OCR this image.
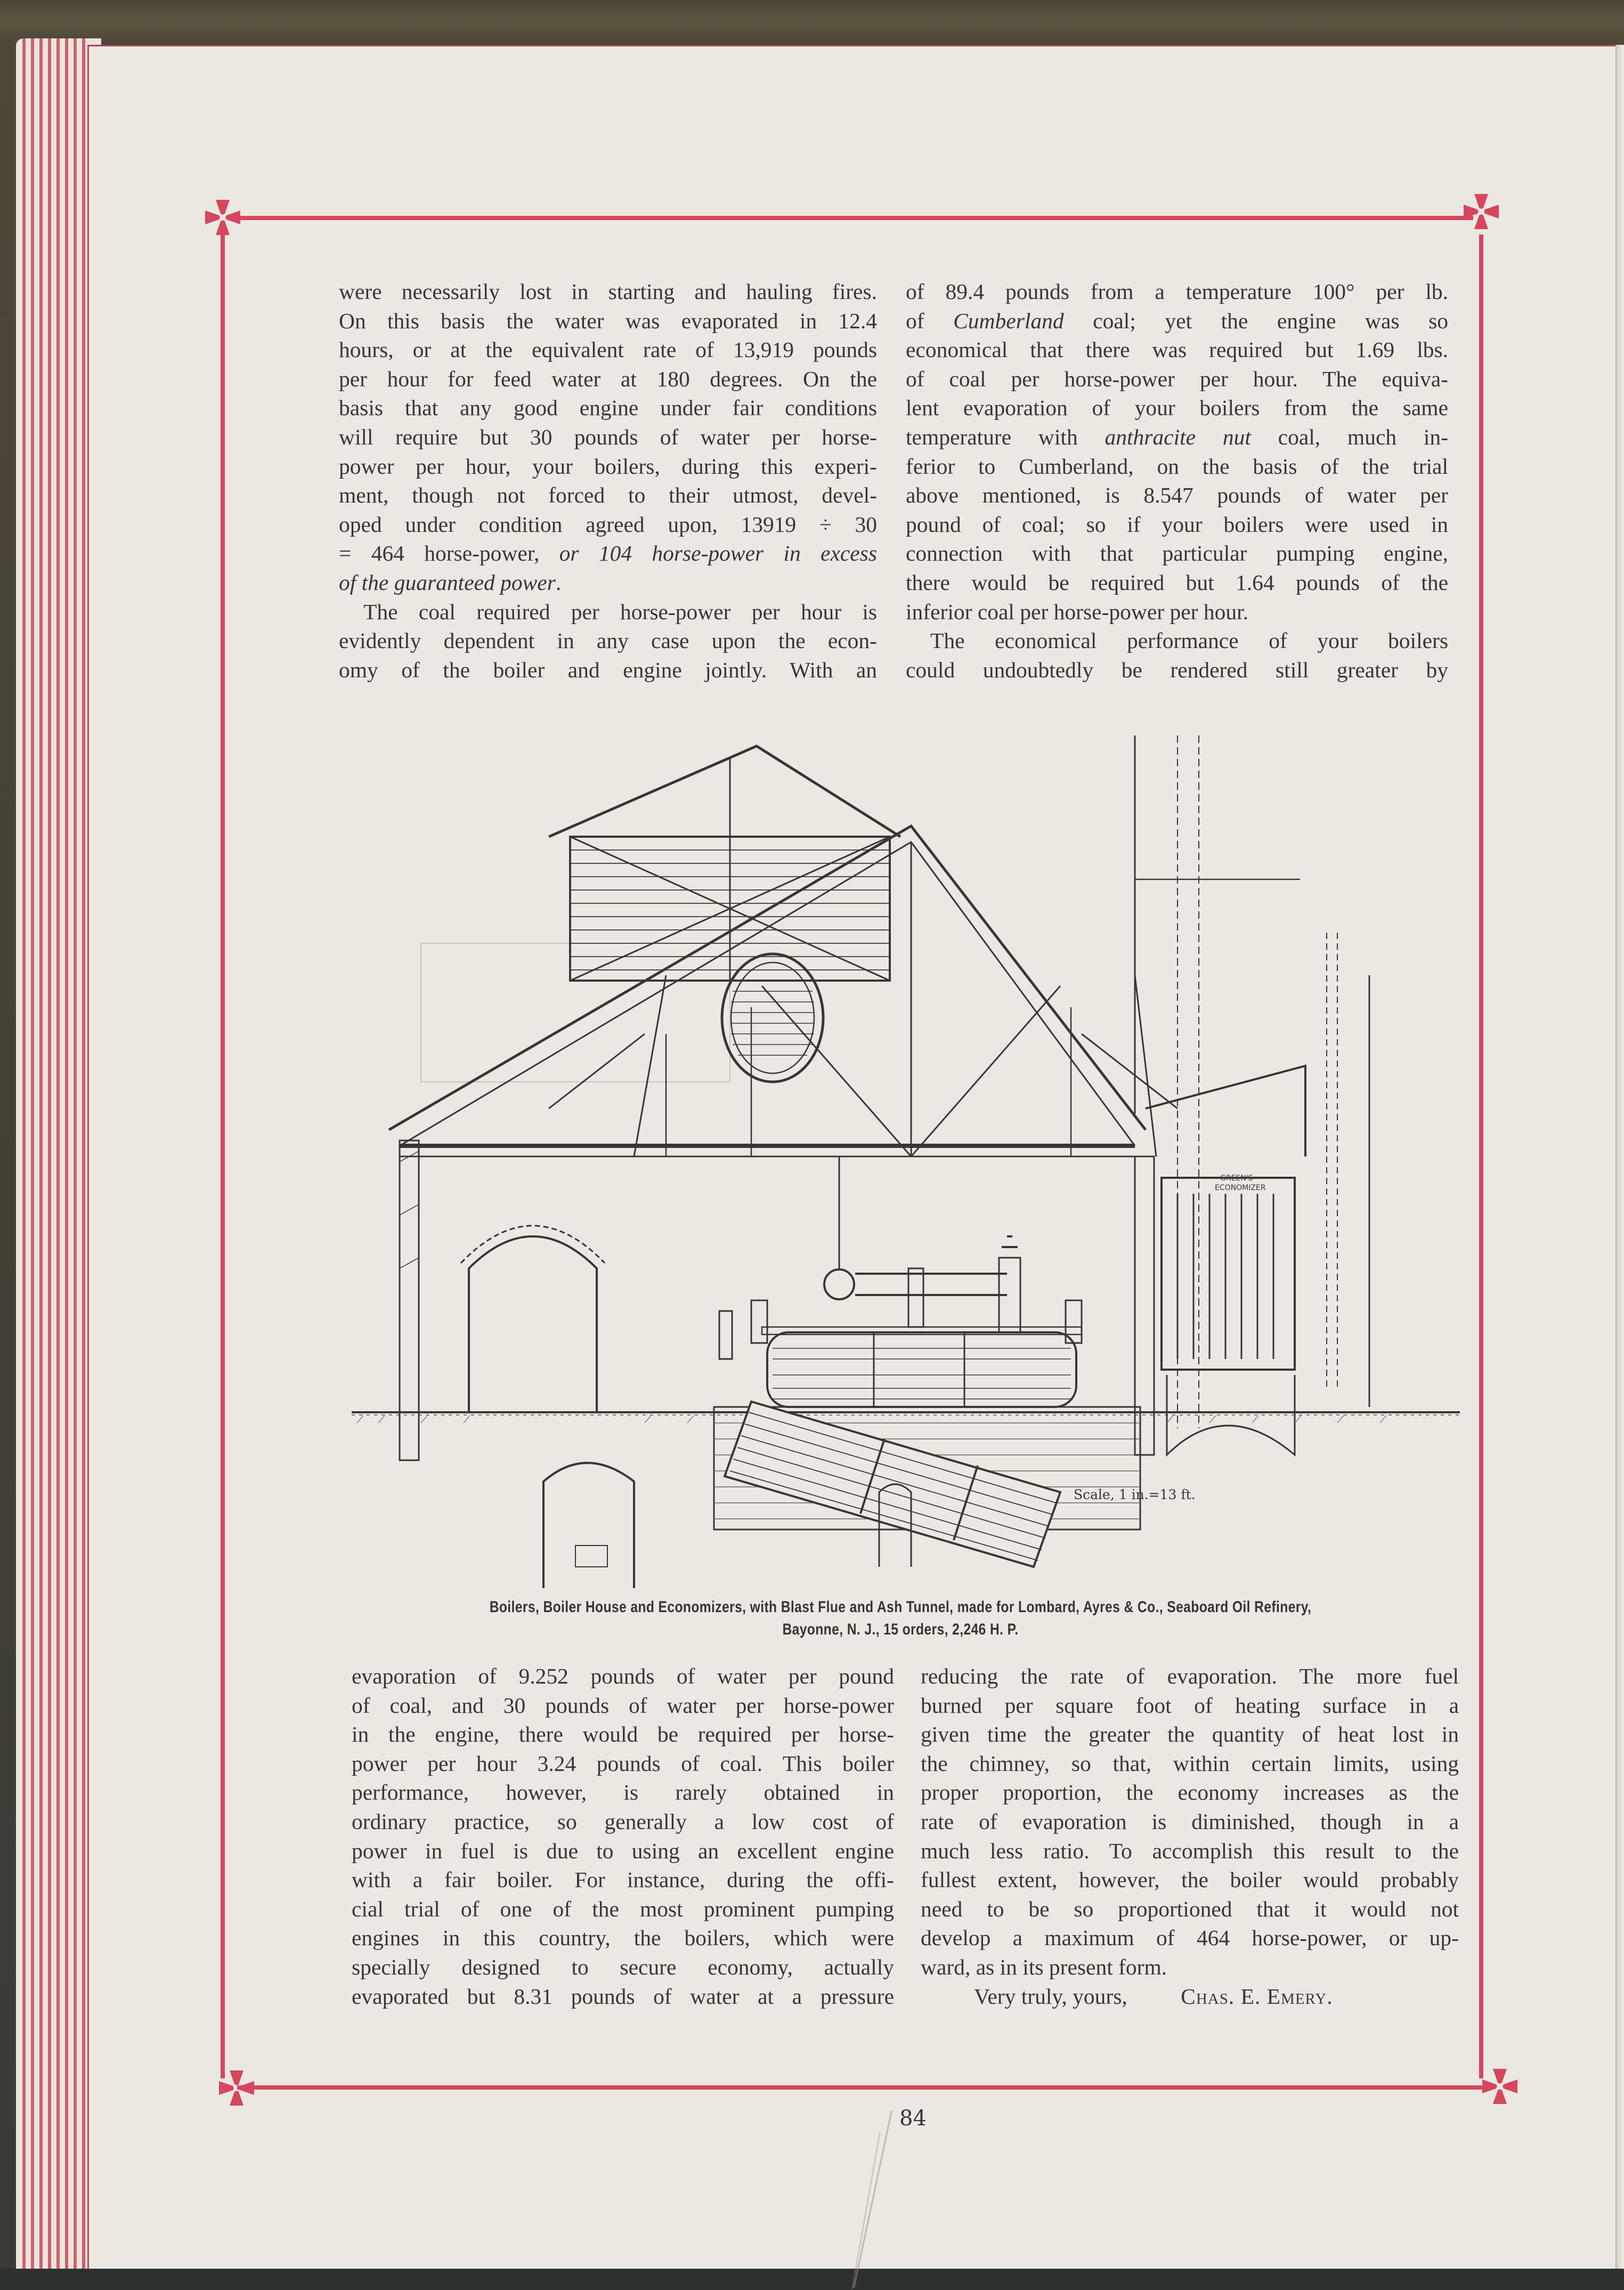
were necessarily lost in starting and hauling fires.
On this basis the water was evaporated in 12.4
hours, or at the equivalent rate of 13,919 pounds
per hour for feed water at 180 degrees. On the
basis that any good engine under fair conditions
will require but 30 pounds of water per horse-
power per hour, your boilers, during this experi-
ment, though not forced to their utmost, devel-
oped under condition agreed upon, 13919 ÷ 30
= 464 horse-power, or 104 horse-power in excess
of the guaranteed power.
The coal required per horse-power per hour is
evidently dependent in any case upon the econ-
omy of the boiler and engine jointly. With an
of 89.4 pounds from a temperature 100° per lb.
of Cumberland coal; yet the engine was so
economical that there was required but 1.69 lbs.
of coal per horse-power per hour. The equiva-
lent evaporation of your boilers from the same
temperature with anthracite nut coal, much in-
ferior to Cumberland, on the basis of the trial
above mentioned, is 8.547 pounds of water per
pound of coal; so if your boilers were used in
connection with that particular pumping engine,
there would be required but 1.64 pounds of the
inferior coal per horse-power per hour.
The economical performance of your boilers
could undoubtedly be rendered still greater by
GREEN'S
ECONOMIZER
Scale, 1 in.=13 ft.
Boilers, Boiler House and Economizers, with Blast Flue and Ash Tunnel, made for Lombard, Ayres & Co., Seaboard Oil Refinery,
Bayonne, N. J., 15 orders, 2,246 H. P.
evaporation of 9.252 pounds of water per pound
of coal, and 30 pounds of water per horse-power
in the engine, there would be required per horse-
power per hour 3.24 pounds of coal. This boiler
performance, however, is rarely obtained in
ordinary practice, so generally a low cost of
power in fuel is due to using an excellent engine
with a fair boiler. For instance, during the offi-
cial trial of one of the most prominent pumping
engines in this country, the boilers, which were
specially designed to secure economy, actually
evaporated but 8.31 pounds of water at a pressure
reducing the rate of evaporation. The more fuel
burned per square foot of heating surface in a
given time the greater the quantity of heat lost in
the chimney, so that, within certain limits, using
proper proportion, the economy increases as the
rate of evaporation is diminished, though in a
much less ratio. To accomplish this result to the
fullest extent, however, the boiler would probably
need to be so proportioned that it would not
develop a maximum of 464 horse-power, or up-
ward, as in its present form.
Very truly, yours, Chas. E. Emery.
84
